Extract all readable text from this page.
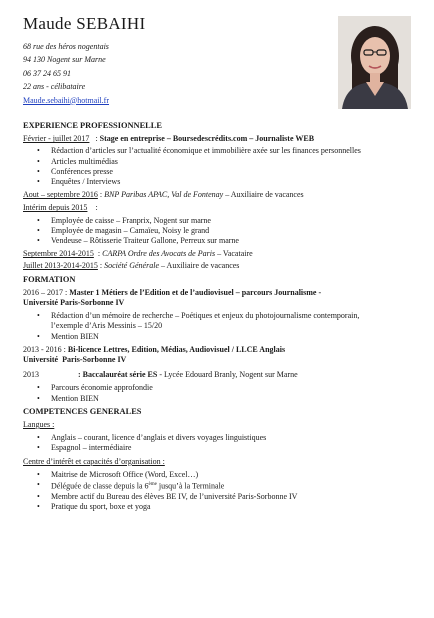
Maude SEBAIHI
68 rue des héros nogentais
94 130 Nogent sur Marne
06 37 24 65 91
22 ans - célibataire
Maude.sebaihi@hotmail.fr
EXPERIENCE PROFESSIONNELLE
Février - juillet 2017   : Stage en entreprise – Boursedescrédits.com – Journaliste WEB
• Rédaction d’articles sur l’actualité économique et immobilière axée sur les finances personnelles
• Articles multimédias
• Conférences presse
• Enquêtes / Interviews
Aout – septembre 2016 : BNP Paribas APAC, Val de Fontenay – Auxiliaire de vacances
Intérim depuis 2015    :
• Employée de caisse – Franprix, Nogent sur marne
• Employée de magasin – Camaïeu, Noisy le grand
• Vendeuse – Rôtisserie Traiteur Gallone, Perreux sur marne
Septembre 2014-2015  : CARPA Ordre des Avocats de Paris – Vacataire
Juillet 2013-2014-2015 : Société Générale – Auxiliaire de vacances
FORMATION
2016 – 2017 : Master 1 Métiers de l’Edition et de l’audiovisuel – parcours Journalisme -
Université Paris-Sorbonne IV
• Rédaction d’un mémoire de recherche – Poétiques et enjeux du photojournalisme contemporain,
l’exemple d’Aris Messinis – 15/20
• Mention BIEN
2013 - 2016 : Bi-licence Lettres, Edition, Médias, Audiovisuel / LLCE Anglais
Université  Paris-Sorbonne IV
2013	: Baccalauréat série ES - Lycée Edouard Branly, Nogent sur Marne
• Parcours économie approfondie
• Mention BIEN
COMPETENCES GENERALES
Langues :
• Anglais – courant, licence d’anglais et divers voyages linguistiques
• Espagnol – intermédiaire
Centre d’intérêt et capacités d’organisation :
• Maitrise de Microsoft Office (Word, Excel…)
• Déléguée de classe depuis la 6ème jusqu’à la Terminale
• Membre actif du Bureau des élèves BE IV, de l’université Paris-Sorbonne IV
• Pratique du sport, boxe et yoga
